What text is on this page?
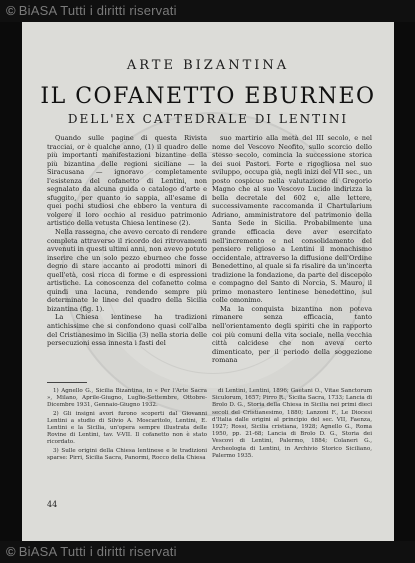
© BiASA Tutti i diritti riservati
ARTE BIZANTINA
IL COFANETTO EBURNEO
DELL'EX CATTEDRALE DI LENTINI

Quando sulle pagine di questa Rivista tracciai, or è qualche anno, (1) il quadro delle più importanti manifestazioni bizantine della più bizantina delle regioni siciliane — la Siracusana — ignoravo completamente l'esistenza del cofanetto di Lentini, non segnalato da alcuna guida o catalogo d'arte e sfuggito, per quanto io sappia, all'esame di quei pochi studiosi che ebbero la ventura di volgere il loro occhio al residuo patrimonio artistico della vetusta Chiesa lentinese (2).

Nella rassegna, che avevo cercato di rendere completa attraverso il ricordo dei ritrovamenti avvenuti in questi ultimi anni, non avevo potuto inserire che un solo pezzo eburneo che fosse degno di stare accanto ai prodotti minori di quell'età, così ricca di forme e di espressioni artistiche. La conoscenza del cofanetto colma quindi una lacuna, rendendo sempre più determinate le linee del quadro della Sicilia bizantina (fig. 1).

La Chiesa lentinese ha tradizioni antichissime che si confondono quasi coll'alba del Cristianesimo in Sicilia (3) nella storia delle persecuzioni essa innesta i fasti del

suo martirio alla metà del III secolo, e nel nome del Vescovo Neofito, sullo scorcio dello stesso secolo, comincia la successione storica dei suoi Pastori. Forte e rigogliosa nel suo sviluppo, occupa già, negli inizi del VII sec., un posto cospicuo nella valutazione di Gregorio Magno che al suo Vescovo Lucido indirizza la bella decretale del 602 e, alle lettere, successivamente raccomanda il Chartularium Adriano, amministratore del patrimonio della Santa Sede in Sicilia. Probabilmente una grande efficacia deve aver esercitato nell'incremento e nel consolidamento del pensiero religioso a Lentini il monachismo occidentale, attraverso la diffusione dell'Ordine Benedettino, al quale si fa risalire da un'incerta tradizione la fondazione, da parte del discepolo e compagno del Santo di Norcia, S. Mauro, il primo monastero lentinese benedettino, sul colle omonimo.

Ma la conquista bizantina non poteva rimanere senza efficacia, tanto nell'orientamento degli spiriti che in rapporto coi più comuni della vita sociale, nella vecchia città calcidese che non aveva certo dimenticato, per il periodo della soggezione romana

1) Agnello G., Sicilia Bizantina, in « Per l'Arte Sacra », Milano, Aprile-Giugno, Luglio-Settembre, Ottobre-Dicembre 1931, Gennaio-Giugno 1932.

2) Gli insigni avori furono scoperti dal Giovanni Lentini a studio di Silvio A. Moscaritolo, Lentini, E. Lentini e la Sicilia, un'opera sempre illustrata delle Rovine di Lentini, tav. V-VII. Il cofanetto non è stato ricordato.

3) Sulle origini della Chiesa lentinese e le tradizioni sparse: Pirri, Sicilia Sacra, Panormi, Rocco della Chiesa

di Lentini, Lentini, 1896; Gaetani O., Vitae Sanctorum Siculorum, 1657; Pirro R., Sicilia Sacra, 1733; Lancia di Brolo D. G., Storia della Chiesa in Sicilia nei primi dieci secoli del Cristianesimo, 1880; Lanzoni F., Le Diocesi d'Italia dalle origini al principio del sec. VII, Faenza, 1927; Rossi, Sicilia cristiana, 1928; Agnello G., Roma 1950, pp. 21-68; Lancia di Brolo D. G., Storia dei Vescovi di Lentini, Palermo, 1884; Colaneri G., Archeologia di Lentini, in Archivio Storico Siciliano, Palermo 1935.

44
© BiASA Tutti i diritti riservati
